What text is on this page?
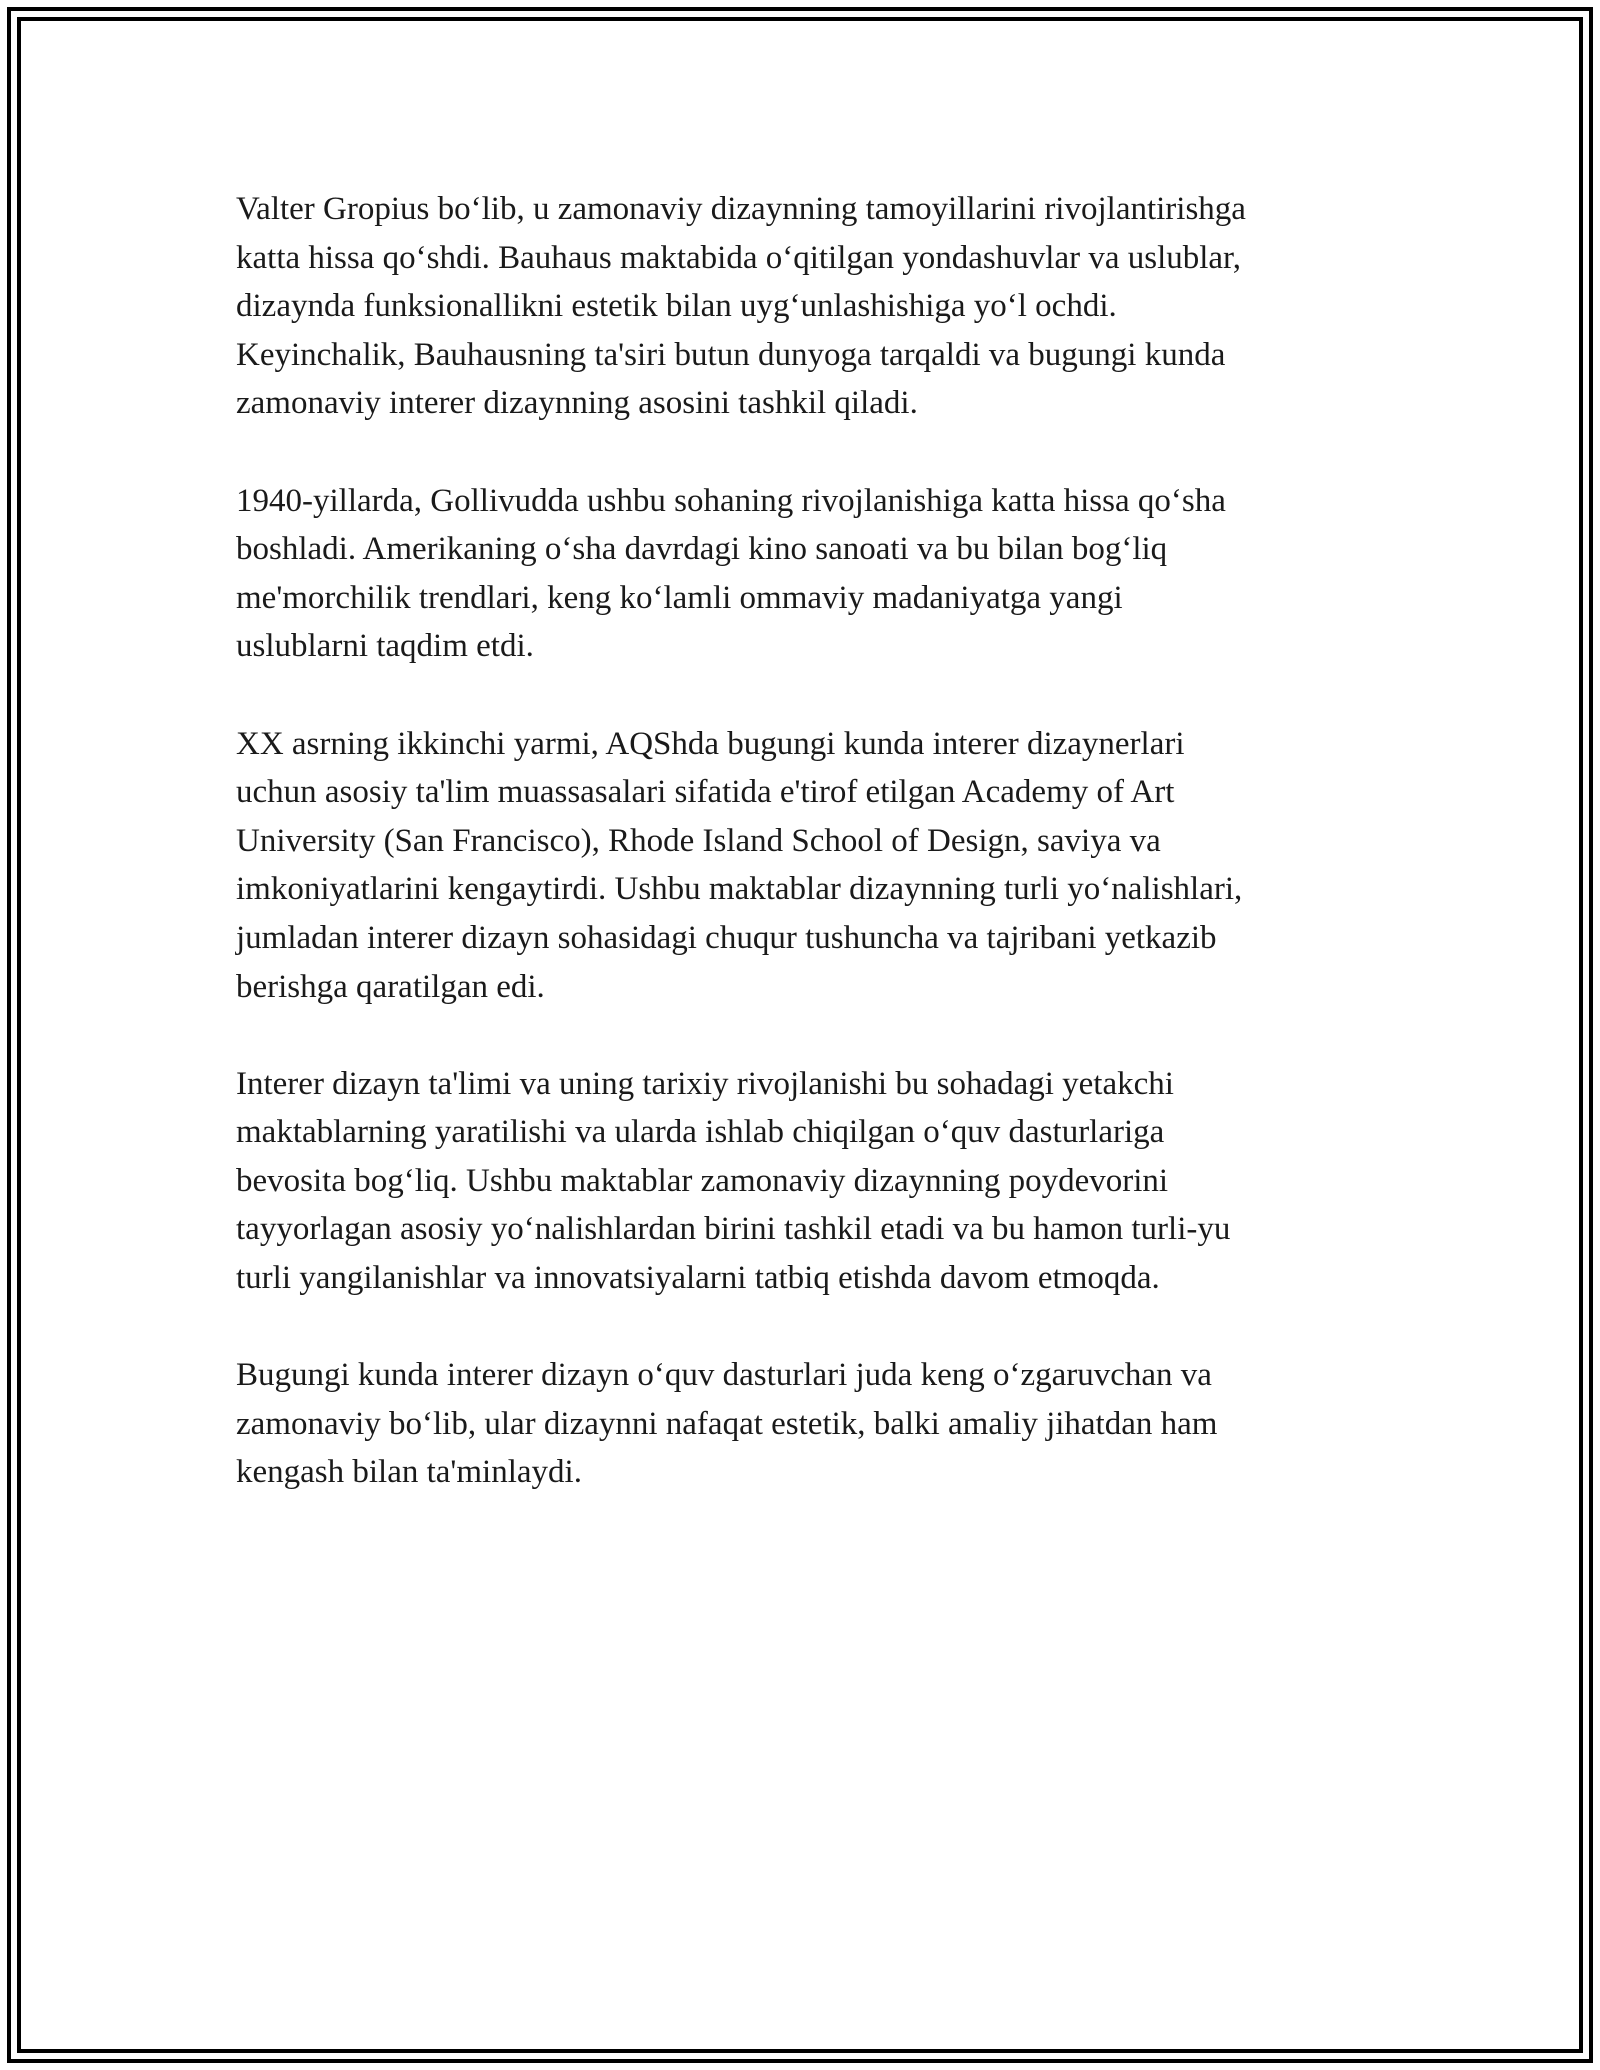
Valter Gropius bo‘lib, u zamonaviy dizaynning tamoyillarini rivojlantirishga
katta hissa qo‘shdi. Bauhaus maktabida o‘qitilgan yondashuvlar va uslublar,
dizaynda funksionallikni estetik bilan uyg‘unlashishiga yo‘l ochdi.
Keyinchalik, Bauhausning ta'siri butun dunyoga tarqaldi va bugungi kunda
zamonaviy interer dizaynning asosini tashkil qiladi.

1940-yillarda, Gollivudda ushbu sohaning rivojlanishiga katta hissa qo‘sha
boshladi. Amerikaning o‘sha davrdagi kino sanoati va bu bilan bog‘liq
me'morchilik trendlari, keng ko‘lamli ommaviy madaniyatga yangi
uslublarni taqdim etdi.

XX asrning ikkinchi yarmi, AQShda bugungi kunda interer dizaynerlari
uchun asosiy ta'lim muassasalari sifatida e'tirof etilgan Academy of Art
University (San Francisco), Rhode Island School of Design, saviya va
imkoniyatlarini kengaytirdi. Ushbu maktablar dizaynning turli yo‘nalishlari,
jumladan interer dizayn sohasidagi chuqur tushuncha va tajribani yetkazib
berishga qaratilgan edi.

Interer dizayn ta'limi va uning tarixiy rivojlanishi bu sohadagi yetakchi
maktablarning yaratilishi va ularda ishlab chiqilgan o‘quv dasturlariga
bevosita bog‘liq. Ushbu maktablar zamonaviy dizaynning poydevorini
tayyorlagan asosiy yo‘nalishlardan birini tashkil etadi va bu hamon turli-yu
turli yangilanishlar va innovatsiyalarni tatbiq etishda davom etmoqda.

Bugungi kunda interer dizayn o‘quv dasturlari juda keng o‘zgaruvchan va
zamonaviy bo‘lib, ular dizaynni nafaqat estetik, balki amaliy jihatdan ham
kengash bilan ta'minlaydi.
